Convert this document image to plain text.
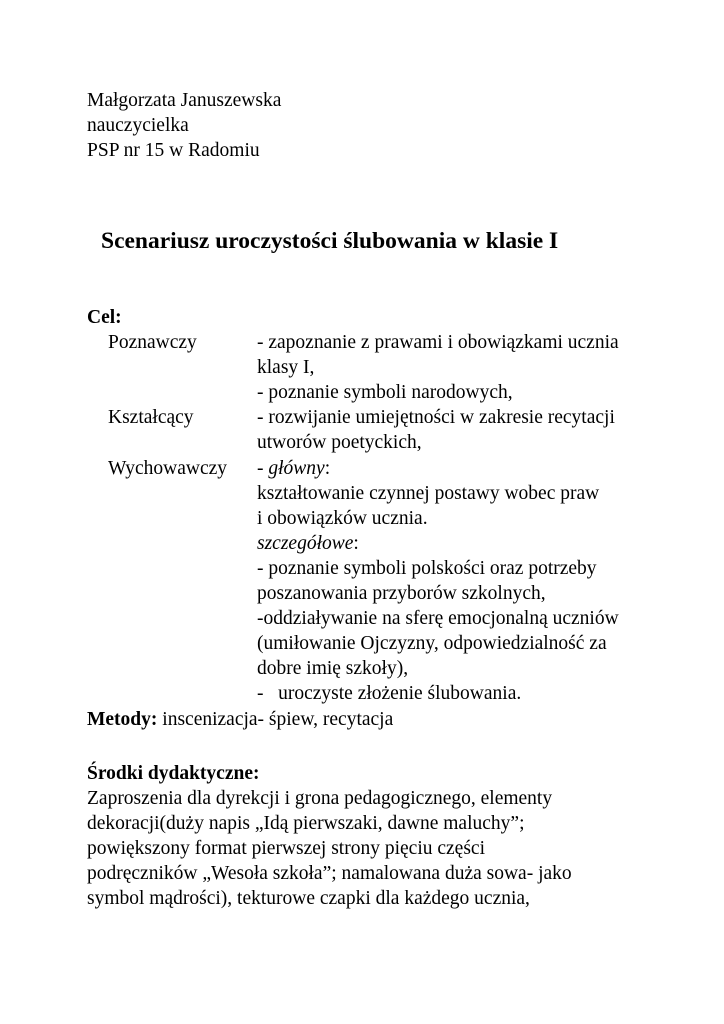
Małgorzata Januszewska
nauczycielka
PSP nr 15 w Radomiu
Scenariusz uroczystości ślubowania w klasie I
Cel:
Poznawczy	- zapoznanie z prawami i obowiązkami ucznia
klasy I,
- poznanie symboli narodowych,
Kształcący	- rozwijanie umiejętności w zakresie recytacji
utworów poetyckich,
Wychowawczy - główny:
kształtowanie czynnej postawy wobec praw
i obowiązków ucznia.
szczegółowe:
- poznanie symboli polskości oraz potrzeby
poszanowania przyborów szkolnych,
-oddziaływanie na sferę emocjonalną uczniów
(umiłowanie Ojczyzny, odpowiedzialność za
dobre imię szkoły),
-   uroczyste złożenie ślubowania.
Metody: inscenizacja- śpiew, recytacja
Środki dydaktyczne:
Zaproszenia dla dyrekcji i grona pedagogicznego, elementy
dekoracji(duży napis „Idą pierwszaki, dawne maluchy”;
powiększony format pierwszej strony pięciu części
podręczników „Wesoła szkoła”; namalowana duża sowa- jako
symbol mądrości), tekturowe czapki dla każdego ucznia,
